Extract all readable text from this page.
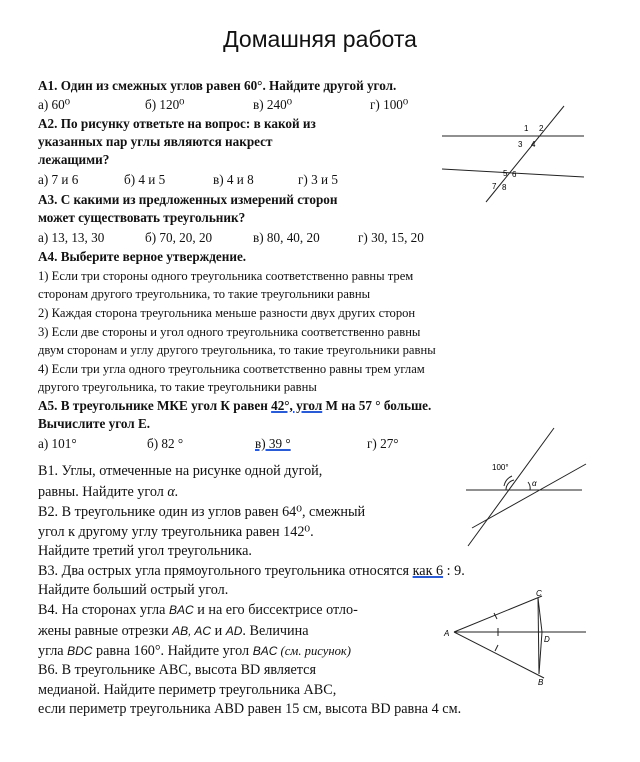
Домашняя работа
А1. Один из смежных углов равен 60°. Найдите другой угол.
а) 60⁰	б) 120⁰	в) 240⁰	г) 100⁰
А2. По рисунку ответьте на вопрос: в какой из
указанных пар углы являются накрест
лежащими?
а) 7 и 6	б) 4 и 5	в) 4 и 8	г) 3 и 5
1 2
3 4
5 6
7 8
А3. С какими из предложенных измерений сторон
может существовать треугольник?
а) 13, 13, 30	б) 70, 20, 20	в) 80, 40, 20	г) 30, 15, 20
А4. Выберите верное утверждение.
1) Если три стороны одного треугольника соответственно равны трем
сторонам другого треугольника, то такие треугольники равны
2) Каждая сторона треугольника меньше разности двух других сторон
3) Если две стороны и угол одного треугольника соответственно равны
двум сторонам и углу другого треугольника, то такие треугольники равны
4) Если три угла одного треугольника соответственно равны трем углам
другого треугольника, то такие треугольники равны
А5. В треугольнике МКЕ угол К равен 42°, угол М на 57 ° больше.
Вычислите угол Е.
а) 101°	б) 82 °	в) 39 °	г) 27°
100°
α
В1. Углы, отмеченные на рисунке одной дугой,
равны. Найдите угол α.
В2. В треугольнике один из углов равен 64⁰, смежный
угол к другому углу треугольника равен 142⁰.
Найдите третий угол треугольника.
В3. Два острых угла прямоугольного треугольника относятся как 6 : 9.
Найдите больший острый угол.
В4. На сторонах угла BAC и на его биссектрисе отло-
жены равные отрезки AB, AC и AD. Величина
угла BDC равна 160°. Найдите угол BAC (см. рисунок)
A
B
C
D
В6. В треугольнике АВС, высота BD является
медианой. Найдите периметр треугольника АВС,
если периметр треугольника ABD равен 15 см, высота BD равна 4 см.
